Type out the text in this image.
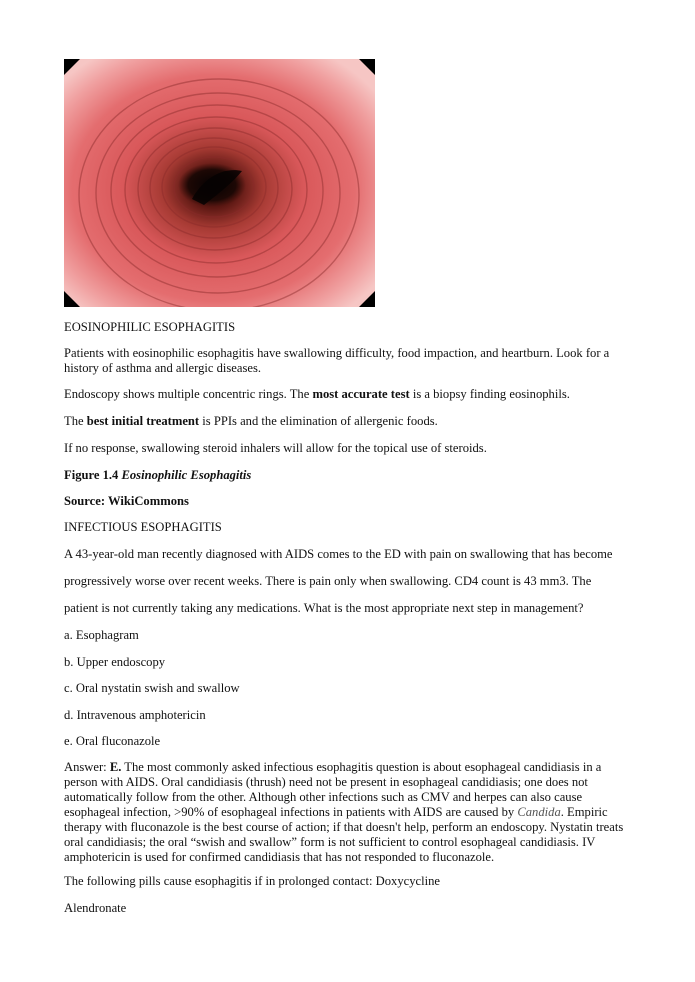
EOSINOPHILIC ESOPHAGITIS

Patients with eosinophilic esophagitis have swallowing difficulty, food impaction, and heartburn. Look for a history of asthma and allergic diseases.

Endoscopy shows multiple concentric rings. The most accurate test is a biopsy finding eosinophils.

The best initial treatment is PPIs and the elimination of allergenic foods.

If no response, swallowing steroid inhalers will allow for the topical use of steroids.

Figure 1.4 Eosinophilic Esophagitis

Source: WikiCommons

INFECTIOUS ESOPHAGITIS

A 43-year-old man recently diagnosed with AIDS comes to the ED with pain on swallowing that has become

progressively worse over recent weeks. There is pain only when swallowing. CD4 count is 43 mm3. The

patient is not currently taking any medications. What is the most appropriate next step in management?

a. Esophagram

b. Upper endoscopy

c. Oral nystatin swish and swallow

d. Intravenous amphotericin

e. Oral fluconazole

Answer: E. The most commonly asked infectious esophagitis question is about esophageal candidiasis in a person with AIDS. Oral candidiasis (thrush) need not be present in esophageal candidiasis; one does not automatically follow from the other. Although other infections such as CMV and herpes can also cause esophageal infection, >90% of esophageal infections in patients with AIDS are caused by Candida. Empiric therapy with fluconazole is the best course of action; if that doesn't help, perform an endoscopy. Nystatin treats oral candidiasis; the oral “swish and swallow” form is not sufficient to control esophageal candidiasis. IV amphotericin is used for confirmed candidiasis that has not responded to fluconazole.

The following pills cause esophagitis if in prolonged contact: Doxycycline

Alendronate
